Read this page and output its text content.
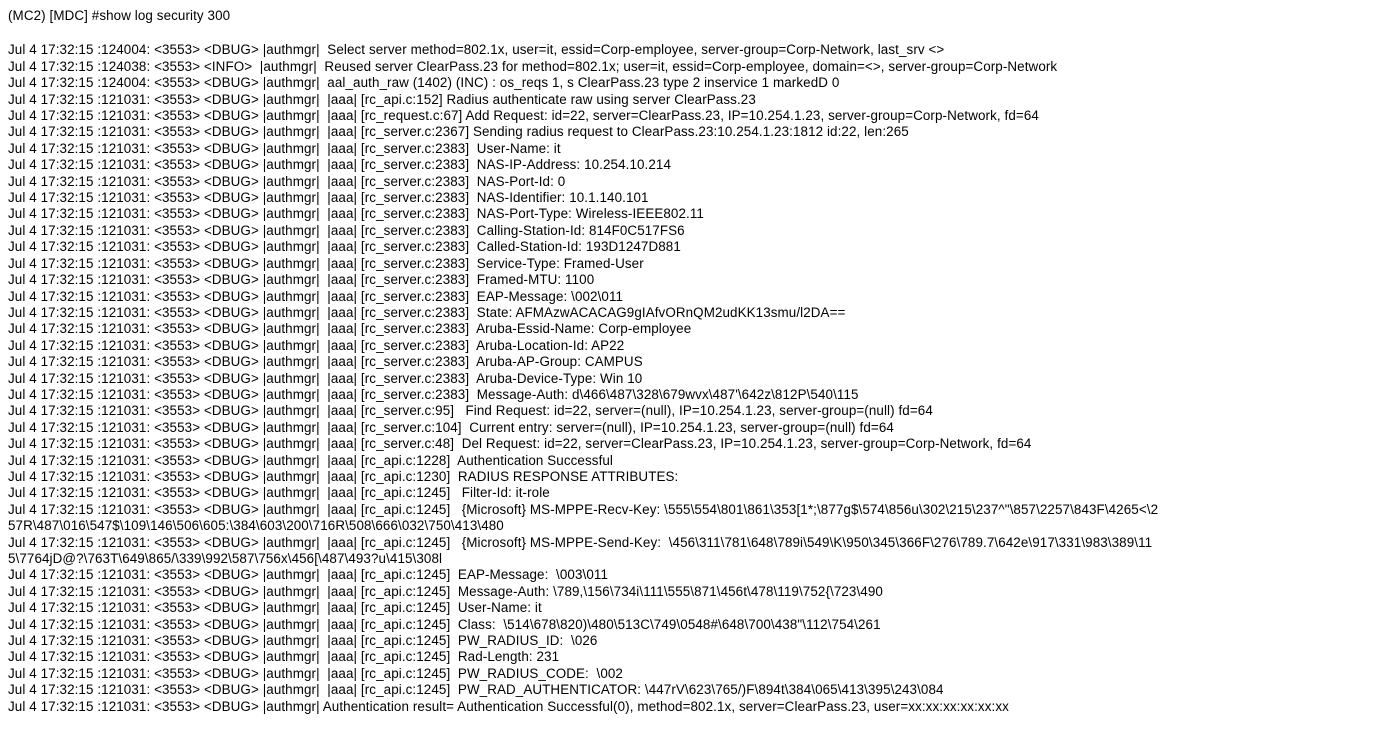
(MC2) [MDC] #show log security 300
Jul 4 17:32:15 :124004: <3553> <DBUG> |authmgr|  Select server method=802.1x, user=it, essid=Corp-employee, server-group=Corp-Network, last_srv <>
Jul 4 17:32:15 :124038: <3553> <INFO>  |authmgr|  Reused server ClearPass.23 for method=802.1x; user=it, essid=Corp-employee, domain=<>, server-group=Corp-Network
Jul 4 17:32:15 :124004: <3553> <DBUG> |authmgr|  aal_auth_raw (1402) (INC) : os_reqs 1, s ClearPass.23 type 2 inservice 1 markedD 0
Jul 4 17:32:15 :121031: <3553> <DBUG> |authmgr|  |aaa| [rc_api.c:152] Radius authenticate raw using server ClearPass.23
Jul 4 17:32:15 :121031: <3553> <DBUG> |authmgr|  |aaa| [rc_request.c:67] Add Request: id=22, server=ClearPass.23, IP=10.254.1.23, server-group=Corp-Network, fd=64
Jul 4 17:32:15 :121031: <3553> <DBUG> |authmgr|  |aaa| [rc_server.c:2367] Sending radius request to ClearPass.23:10.254.1.23:1812 id:22, len:265
Jul 4 17:32:15 :121031: <3553> <DBUG> |authmgr|  |aaa| [rc_server.c:2383]  User-Name: it
Jul 4 17:32:15 :121031: <3553> <DBUG> |authmgr|  |aaa| [rc_server.c:2383]  NAS-IP-Address: 10.254.10.214
Jul 4 17:32:15 :121031: <3553> <DBUG> |authmgr|  |aaa| [rc_server.c:2383]  NAS-Port-Id: 0
Jul 4 17:32:15 :121031: <3553> <DBUG> |authmgr|  |aaa| [rc_server.c:2383]  NAS-Identifier: 10.1.140.101
Jul 4 17:32:15 :121031: <3553> <DBUG> |authmgr|  |aaa| [rc_server.c:2383]  NAS-Port-Type: Wireless-IEEE802.11
Jul 4 17:32:15 :121031: <3553> <DBUG> |authmgr|  |aaa| [rc_server.c:2383]  Calling-Station-Id: 814F0C517FS6
Jul 4 17:32:15 :121031: <3553> <DBUG> |authmgr|  |aaa| [rc_server.c:2383]  Called-Station-Id: 193D1247D881
Jul 4 17:32:15 :121031: <3553> <DBUG> |authmgr|  |aaa| [rc_server.c:2383]  Service-Type: Framed-User
Jul 4 17:32:15 :121031: <3553> <DBUG> |authmgr|  |aaa| [rc_server.c:2383]  Framed-MTU: 1100
Jul 4 17:32:15 :121031: <3553> <DBUG> |authmgr|  |aaa| [rc_server.c:2383]  EAP-Message: \002\011
Jul 4 17:32:15 :121031: <3553> <DBUG> |authmgr|  |aaa| [rc_server.c:2383]  State: AFMAzwACACAG9gIAfvORnQM2udKK13smu/l2DA==
Jul 4 17:32:15 :121031: <3553> <DBUG> |authmgr|  |aaa| [rc_server.c:2383]  Aruba-Essid-Name: Corp-employee
Jul 4 17:32:15 :121031: <3553> <DBUG> |authmgr|  |aaa| [rc_server.c:2383]  Aruba-Location-Id: AP22
Jul 4 17:32:15 :121031: <3553> <DBUG> |authmgr|  |aaa| [rc_server.c:2383]  Aruba-AP-Group: CAMPUS
Jul 4 17:32:15 :121031: <3553> <DBUG> |authmgr|  |aaa| [rc_server.c:2383]  Aruba-Device-Type: Win 10
Jul 4 17:32:15 :121031: <3553> <DBUG> |authmgr|  |aaa| [rc_server.c:2383]  Message-Auth: d\466\487\328\679wvx\487'\642z\812P\540\115
Jul 4 17:32:15 :121031: <3553> <DBUG> |authmgr|  |aaa| [rc_server.c:95]   Find Request: id=22, server=(null), IP=10.254.1.23, server-group=(null) fd=64
Jul 4 17:32:15 :121031: <3553> <DBUG> |authmgr|  |aaa| [rc_server.c:104]  Current entry: server=(null), IP=10.254.1.23, server-group=(null) fd=64
Jul 4 17:32:15 :121031: <3553> <DBUG> |authmgr|  |aaa| [rc_server.c:48]  Del Request: id=22, server=ClearPass.23, IP=10.254.1.23, server-group=Corp-Network, fd=64
Jul 4 17:32:15 :121031: <3553> <DBUG> |authmgr|  |aaa| [rc_api.c:1228]  Authentication Successful
Jul 4 17:32:15 :121031: <3553> <DBUG> |authmgr|  |aaa| [rc_api.c:1230]  RADIUS RESPONSE ATTRIBUTES:
Jul 4 17:32:15 :121031: <3553> <DBUG> |authmgr|  |aaa| [rc_api.c:1245]   Filter-Id: it-role
Jul 4 17:32:15 :121031: <3553> <DBUG> |authmgr|  |aaa| [rc_api.c:1245]   {Microsoft} MS-MPPE-Recv-Key: \555\554\801\861\353[1*;\877g$\574\856u\302\215\237^"\857\2257\843F\4265<\2
57R\487\016\547$\109\146\506\605:\384\603\200\716R\508\666\032\750\413\480
Jul 4 17:32:15 :121031: <3553> <DBUG> |authmgr|  |aaa| [rc_api.c:1245]   {Microsoft} MS-MPPE-Send-Key:  \456\311\781\648\789i\549\K\950\345\366F\276\789.7\642e\917\331\983\389\11
5\7764jD@?\763T\649\865/\339\992\587\756x\456[\487\493?u\415\308l
Jul 4 17:32:15 :121031: <3553> <DBUG> |authmgr|  |aaa| [rc_api.c:1245]  EAP-Message:  \003\011
Jul 4 17:32:15 :121031: <3553> <DBUG> |authmgr|  |aaa| [rc_api.c:1245]  Message-Auth: \789,\156\734i\111\555\871\456t\478\119\752{\723\490
Jul 4 17:32:15 :121031: <3553> <DBUG> |authmgr|  |aaa| [rc_api.c:1245]  User-Name: it
Jul 4 17:32:15 :121031: <3553> <DBUG> |authmgr|  |aaa| [rc_api.c:1245]  Class:  \514\678\820)\480\513C\749\0548#\648\700\438"\112\754\261
Jul 4 17:32:15 :121031: <3553> <DBUG> |authmgr|  |aaa| [rc_api.c:1245]  PW_RADIUS_ID:  \026
Jul 4 17:32:15 :121031: <3553> <DBUG> |authmgr|  |aaa| [rc_api.c:1245]  Rad-Length: 231
Jul 4 17:32:15 :121031: <3553> <DBUG> |authmgr|  |aaa| [rc_api.c:1245]  PW_RADIUS_CODE:  \002
Jul 4 17:32:15 :121031: <3553> <DBUG> |authmgr|  |aaa| [rc_api.c:1245]  PW_RAD_AUTHENTICATOR: \447rV\623\765/)F\894t\384\065\413\395\243\084
Jul 4 17:32:15 :121031: <3553> <DBUG> |authmgr| Authentication result= Authentication Successful(0), method=802.1x, server=ClearPass.23, user=xx:xx:xx:xx:xx:xx
